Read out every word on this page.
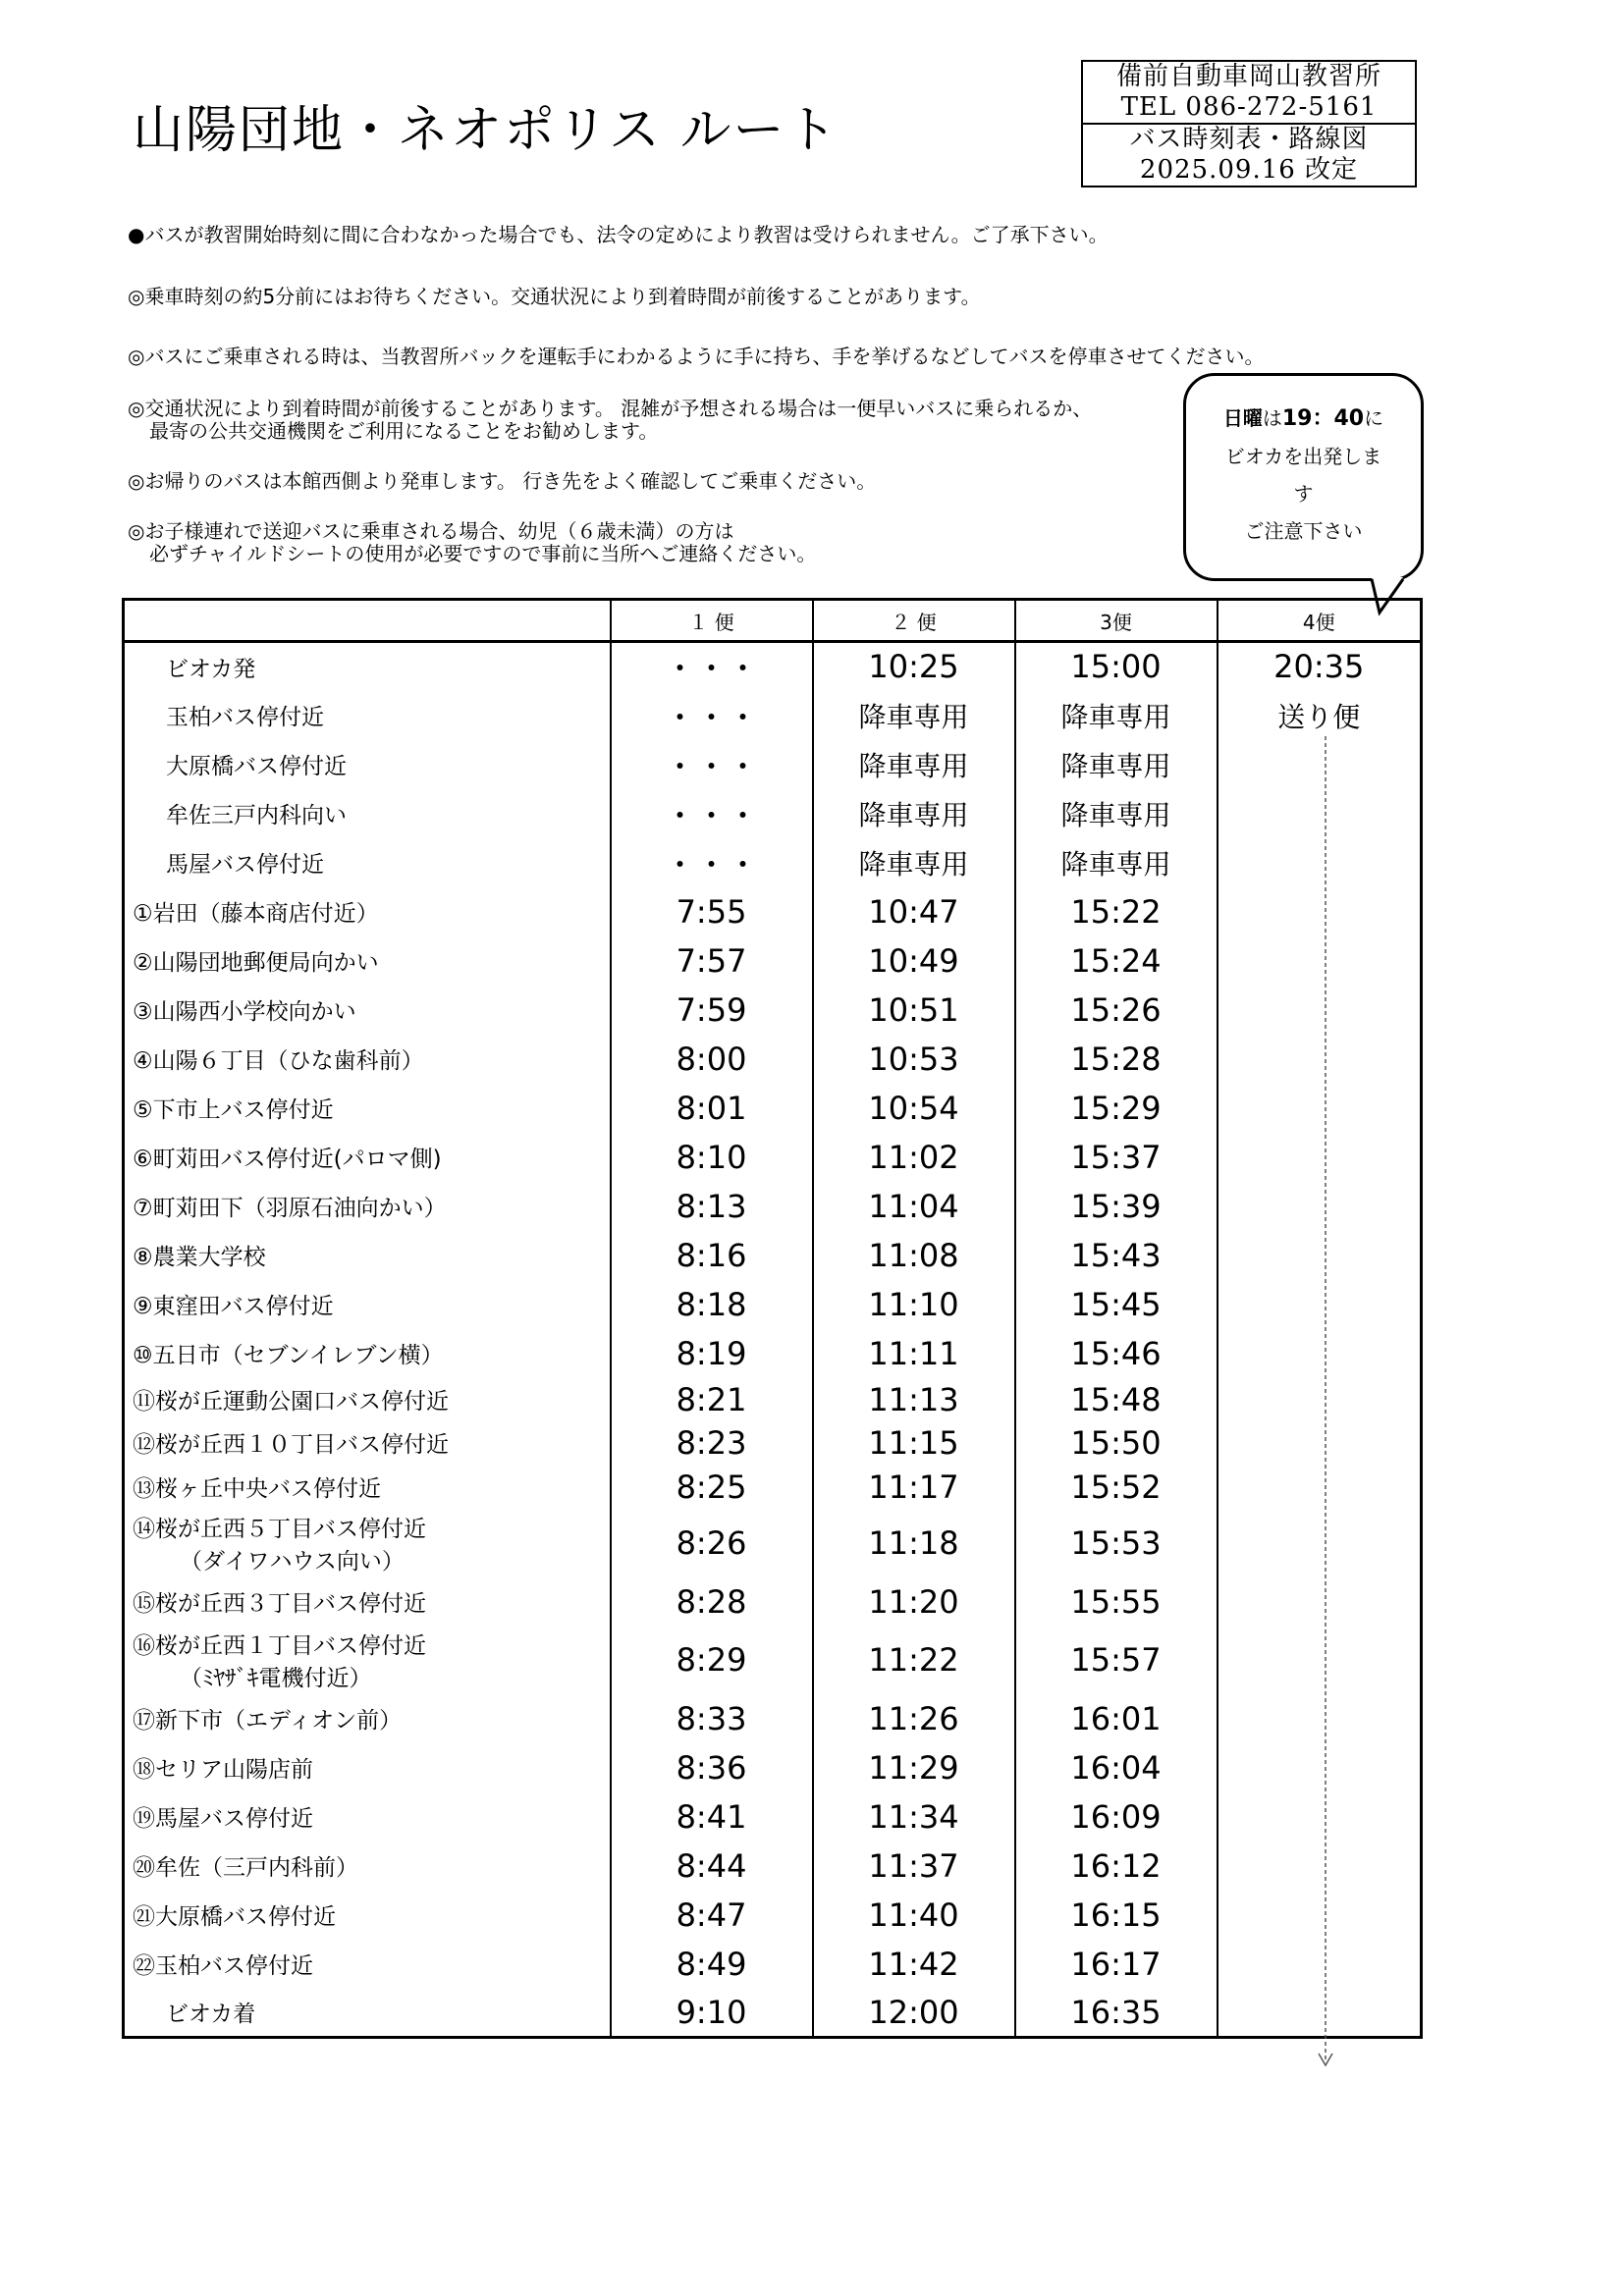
山陽団地・ネオポリス ルート
備前自動車岡山教習所
TEL 086-272-5161
バス時刻表・路線図
2025.09.16 改定
●バスが教習開始時刻に間に合わなかった場合でも、法令の定めにより教習は受けられません。ご了承下さい。
◎乗車時刻の約5分前にはお待ちください。交通状況により到着時間が前後することがあります。
◎バスにご乗車される時は、当教習所バックを運転手にわかるように手に持ち、手を挙げるなどしてバスを停車させてください。
◎交通状況により到着時間が前後することがあります。 混雑が予想される場合は一便早いバスに乗られるか、
最寄の公共交通機関をご利用になることをお勧めします。
◎お帰りのバスは本館西側より発車します。 行き先をよく確認してご乗車ください。
◎お子様連れで送迎バスに乗車される場合、幼児（６歳未満）の方は
必ずチャイルドシートの使用が必要ですので事前に当所へご連絡ください。
日曜は19：40に
ビオカを出発しま
す
ご注意下さい
	１ 便	２ 便	3便	4便
ビオカ発	・・・	10:25	15:00	20:35
玉柏バス停付近	・・・	降車専用	降車専用	送り便
大原橋バス停付近	・・・	降車専用	降車専用	
牟佐三戸内科向い	・・・	降車専用	降車専用	
馬屋バス停付近	・・・	降車専用	降車専用	
①岩田（藤本商店付近）	7:55	10:47	15:22	
②山陽団地郵便局向かい	7:57	10:49	15:24	
③山陽西小学校向かい	7:59	10:51	15:26	
④山陽６丁目（ひな歯科前）	8:00	10:53	15:28	
⑤下市上バス停付近	8:01	10:54	15:29	
⑥町苅田バス停付近(パロマ側)	8:10	11:02	15:37	
⑦町苅田下（羽原石油向かい）	8:13	11:04	15:39	
⑧農業大学校	8:16	11:08	15:43	
⑨東窪田バス停付近	8:18	11:10	15:45	
⑩五日市（セブンイレブン横）	8:19	11:11	15:46	
⑪桜が丘運動公園口バス停付近	8:21	11:13	15:48	
⑫桜が丘西１０丁目バス停付近	8:23	11:15	15:50	
⑬桜ヶ丘中央バス停付近	8:25	11:17	15:52	
⑭桜が丘西５丁目バス停付近
（ダイワハウス向い）	8:26	11:18	15:53	
⑮桜が丘西３丁目バス停付近	8:28	11:20	15:55	
⑯桜が丘西１丁目バス停付近
（ﾐﾔｻﾞｷ電機付近）	8:29	11:22	15:57	
⑰新下市（エディオン前）	8:33	11:26	16:01	
⑱セリア山陽店前	8:36	11:29	16:04	
⑲馬屋バス停付近	8:41	11:34	16:09	
⑳牟佐（三戸内科前）	8:44	11:37	16:12	
㉑大原橋バス停付近	8:47	11:40	16:15	
㉒玉柏バス停付近	8:49	11:42	16:17	
ビオカ着	9:10	12:00	16:35	
